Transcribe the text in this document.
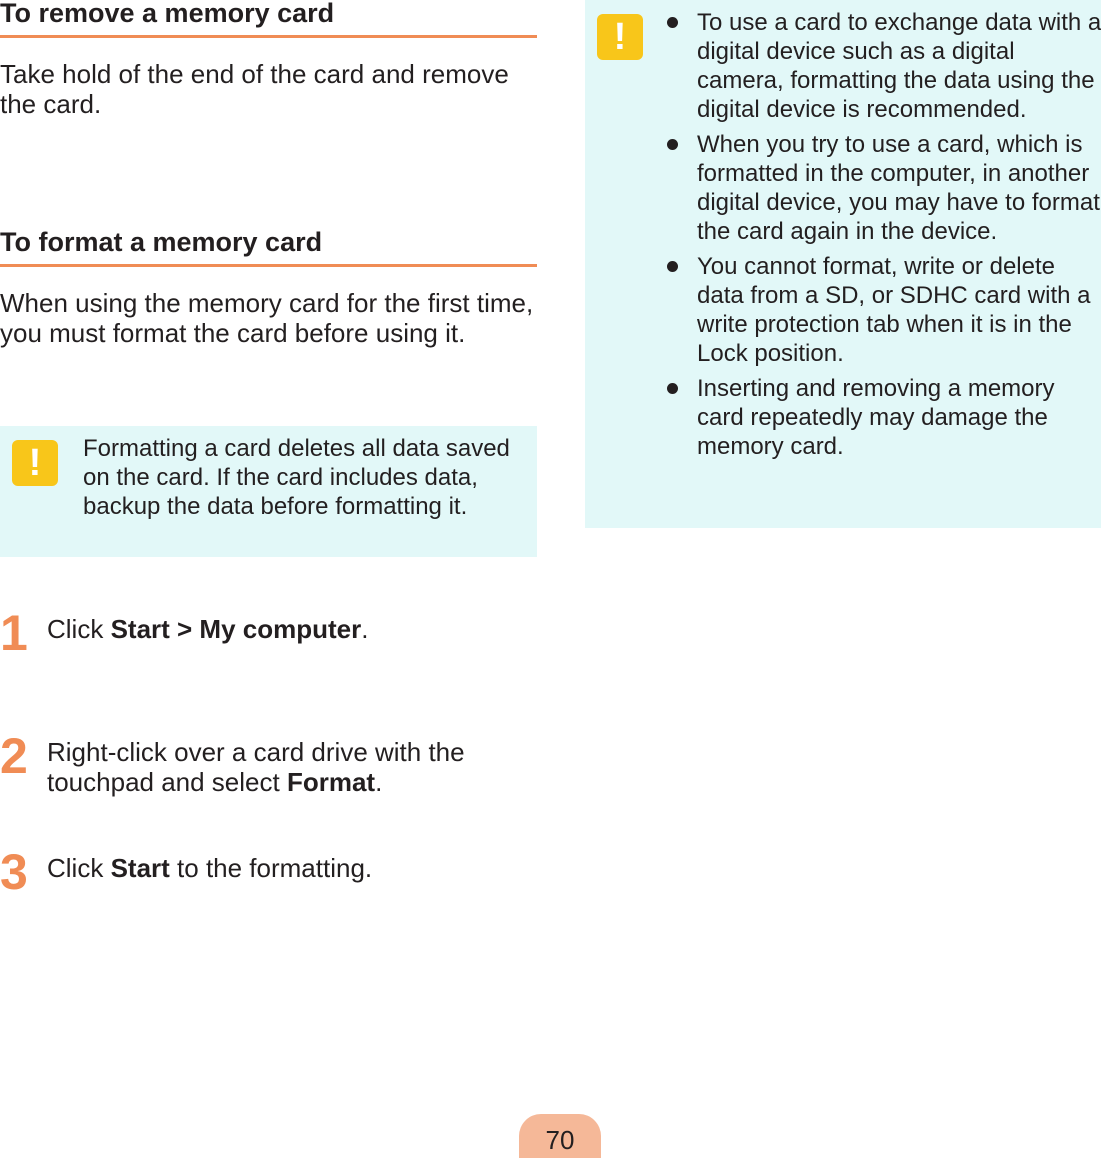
To remove a memory card
Take hold of the end of the card and remove the card.
To format a memory card
When using the memory card for the first time, you must format the card before using it.
!	Formatting a card deletes all data saved on the card. If the card includes data, backup the data before formatting it.
1 Click Start > My computer.
2 Right-click over a card drive with the touchpad and select Format.
3 Click Start to the formatting.
!	To use a card to exchange data with a digital device such as a digital camera, formatting the data using the digital device is recommended.
When you try to use a card, which is formatted in the computer, in another digital device, you may have to format the card again in the device.
You cannot format, write or delete data from a SD, or SDHC card with a write protection tab when it is in the Lock position.
Inserting and removing a memory card repeatedly may damage the memory card.
70
